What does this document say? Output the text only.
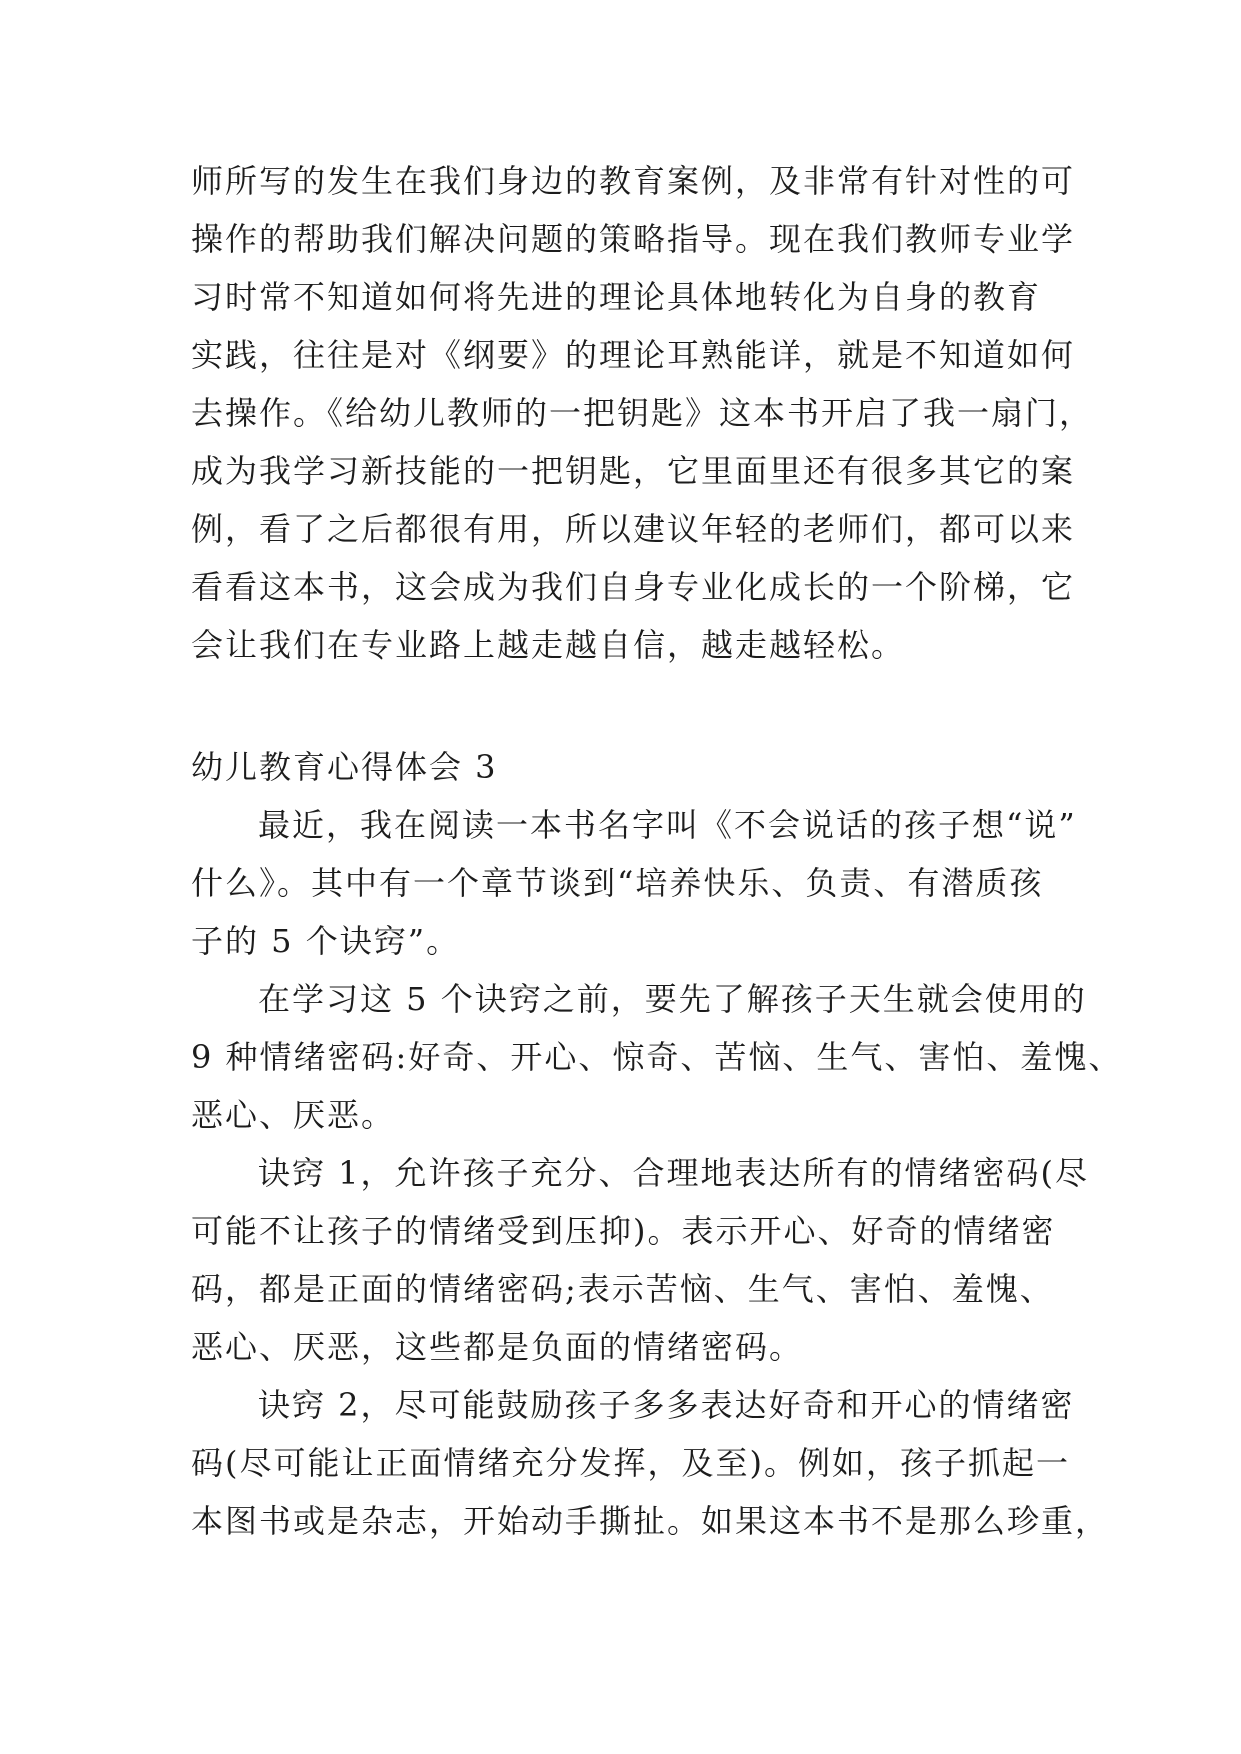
师所写的发生在我们身边的教育案例，及非常有针对性的可
操作的帮助我们解决问题的策略指导。现在我们教师专业学
习时常不知道如何将先进的理论具体地转化为自身的教育
实践，往往是对《纲要》的理论耳熟能详，就是不知道如何
去操作。《给幼儿教师的一把钥匙》这本书开启了我一扇门，
成为我学习新技能的一把钥匙，它里面里还有很多其它的案
例，看了之后都很有用，所以建议年轻的老师们，都可以来
看看这本书，这会成为我们自身专业化成长的一个阶梯，它
会让我们在专业路上越走越自信，越走越轻松。
幼儿教育心得体会 3
最近，我在阅读一本书名字叫《不会说话的孩子想“说”
什么》。其中有一个章节谈到“培养快乐、负责、有潜质孩
子的 5 个诀窍”。
在学习这 5 个诀窍之前，要先了解孩子天生就会使用的
9 种情绪密码:好奇、开心、惊奇、苦恼、生气、害怕、羞愧、
恶心、厌恶。
诀窍 1，允许孩子充分、合理地表达所有的情绪密码(尽
可能不让孩子的情绪受到压抑)。表示开心、好奇的情绪密
码，都是正面的情绪密码;表示苦恼、生气、害怕、羞愧、
恶心、厌恶，这些都是负面的情绪密码。
诀窍 2，尽可能鼓励孩子多多表达好奇和开心的情绪密
码(尽可能让正面情绪充分发挥，及至)。例如，孩子抓起一
本图书或是杂志，开始动手撕扯。如果这本书不是那么珍重，
